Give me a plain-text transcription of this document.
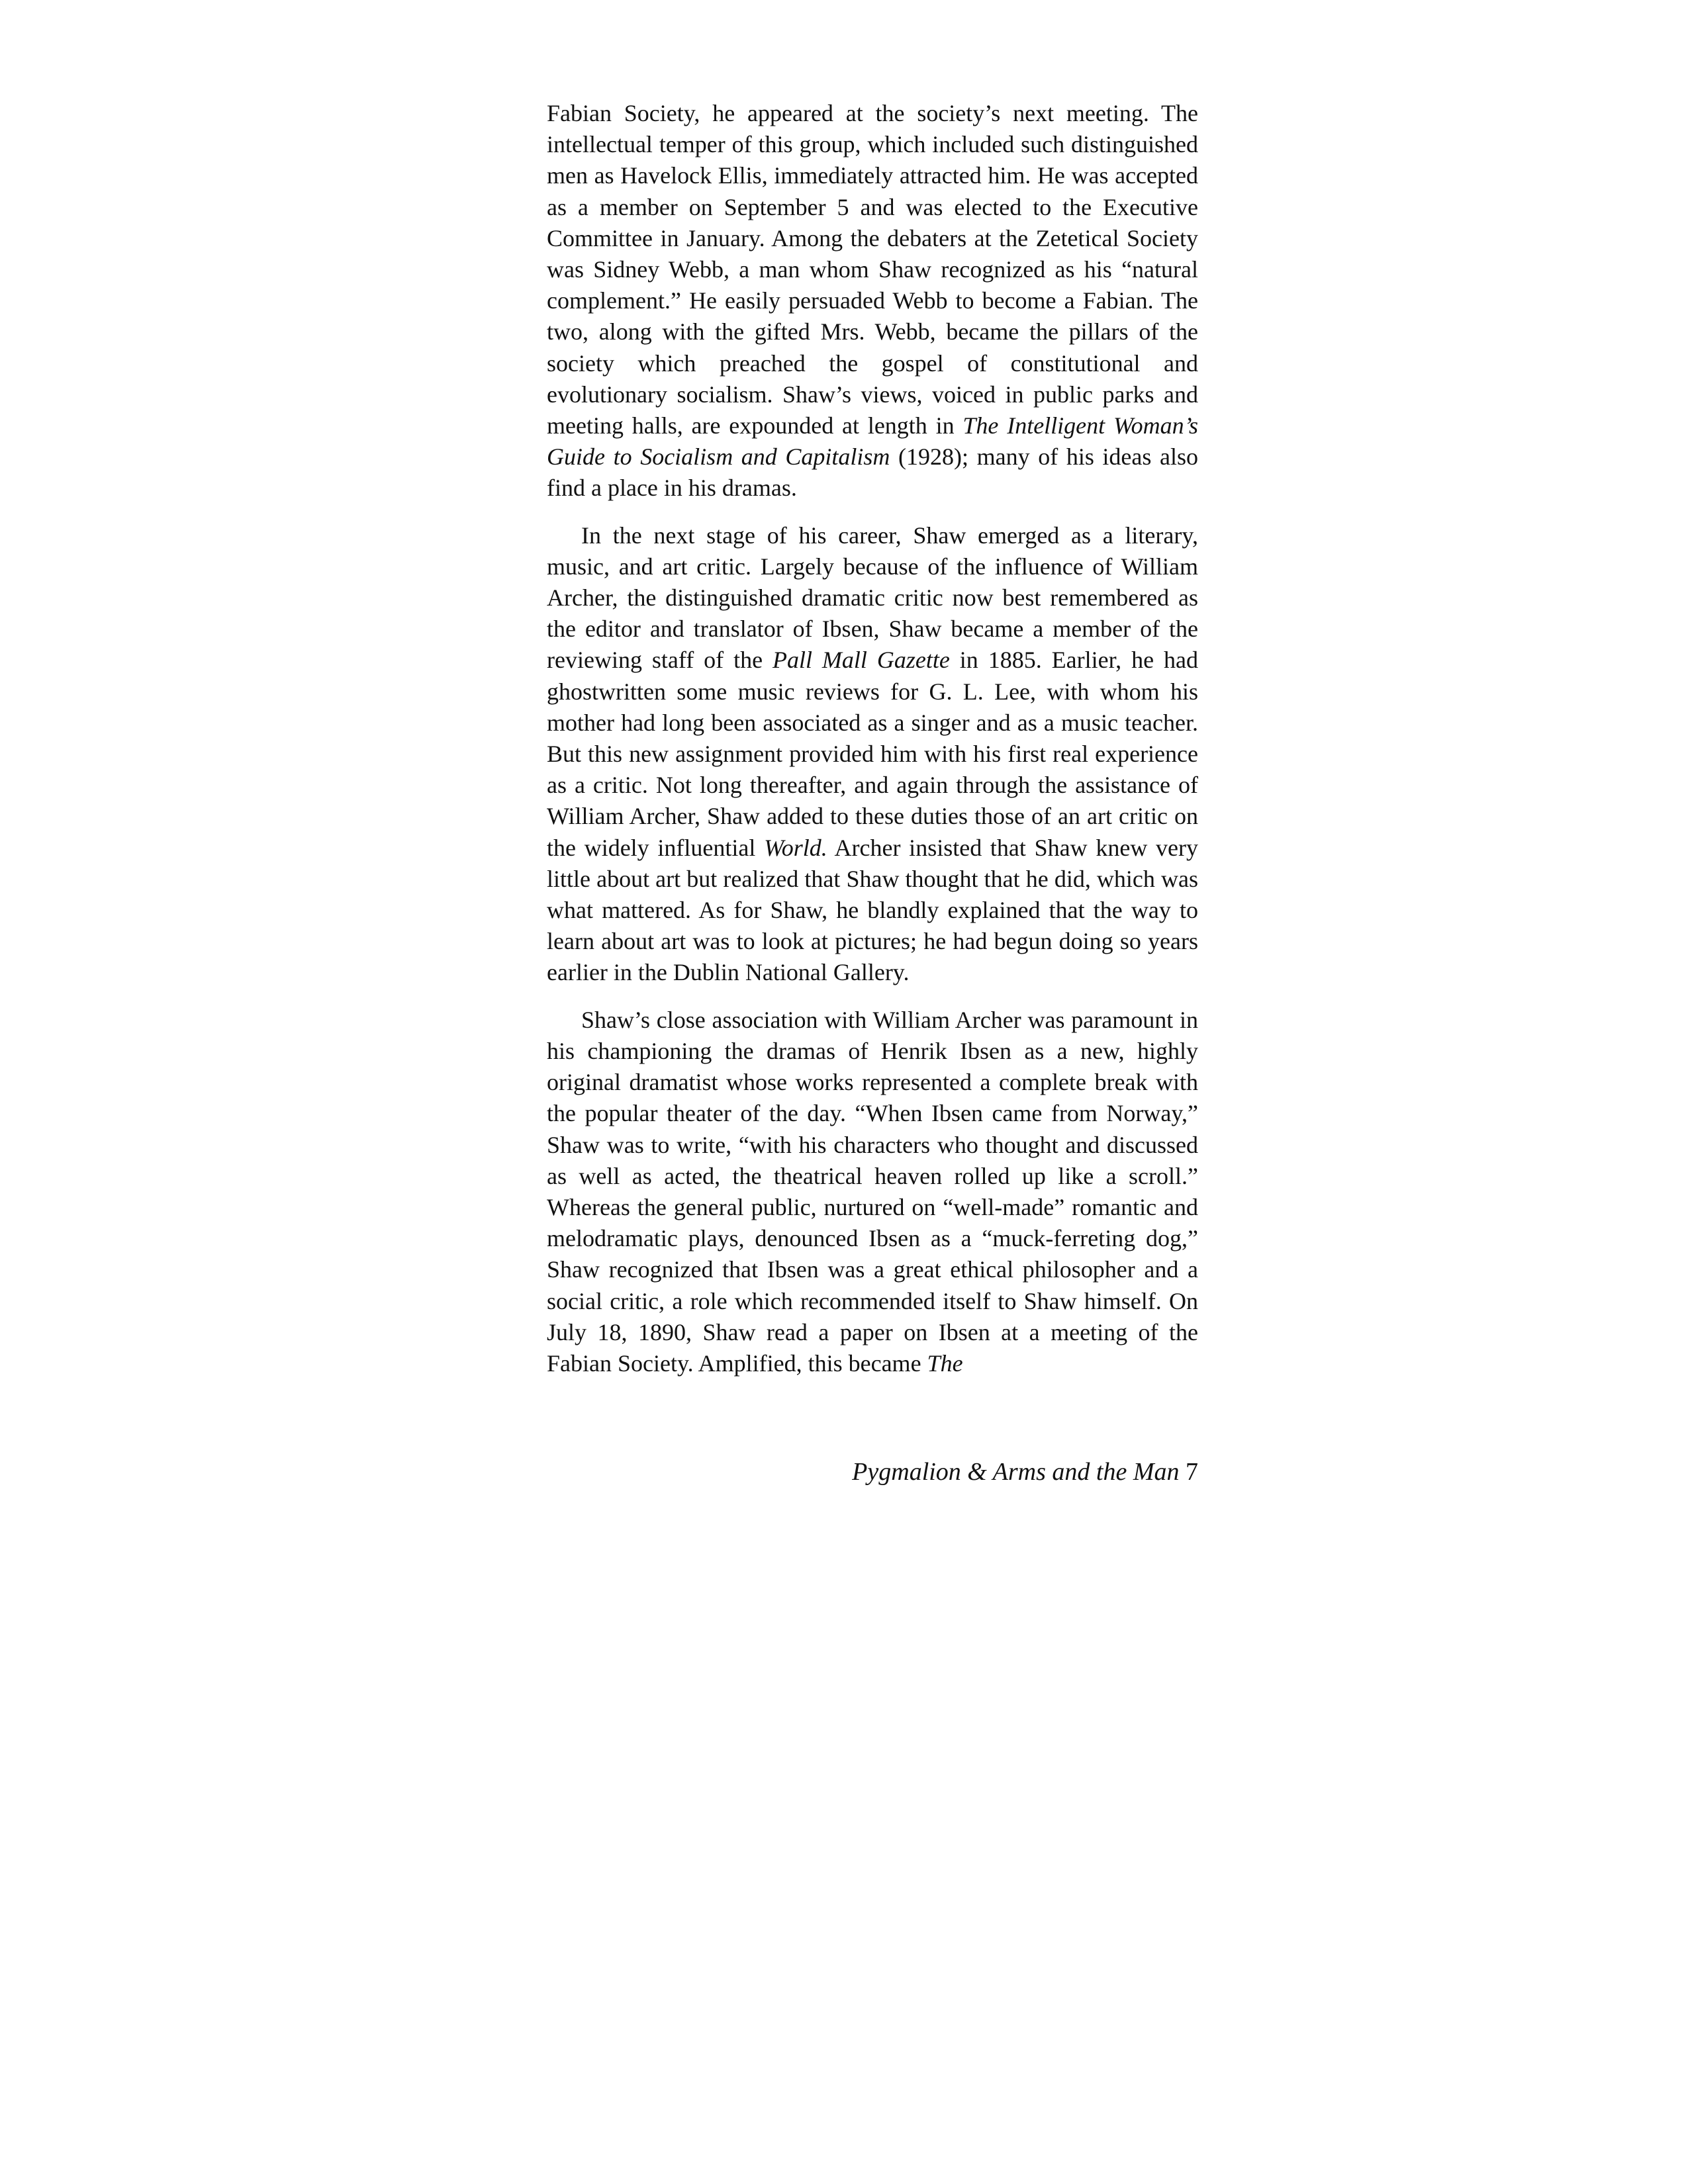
Fabian Society, he appeared at the society’s next meeting. The intellectual temper of this group, which included such distinguished men as Havelock Ellis, immediately attracted him. He was accepted as a member on September 5 and was elected to the Executive Committee in January. Among the debaters at the Zetetical Society was Sidney Webb, a man whom Shaw recognized as his “natural complement.” He easily persuaded Webb to become a Fabian. The two, along with the gifted Mrs. Webb, became the pillars of the society which preached the gospel of constitutional and evolutionary socialism. Shaw’s views, voiced in public parks and meeting halls, are expounded at length in The Intelligent Woman’s Guide to Socialism and Capitalism (1928); many of his ideas also find a place in his dramas.

In the next stage of his career, Shaw emerged as a literary, music, and art critic. Largely because of the influence of William Archer, the distinguished dramatic critic now best remembered as the editor and translator of Ibsen, Shaw became a member of the reviewing staff of the Pall Mall Gazette in 1885. Earlier, he had ghostwritten some music reviews for G. L. Lee, with whom his mother had long been associated as a singer and as a music teacher. But this new assignment provided him with his first real experience as a critic. Not long thereafter, and again through the assistance of William Archer, Shaw added to these duties those of an art critic on the widely influential World. Archer insisted that Shaw knew very little about art but realized that Shaw thought that he did, which was what mattered. As for Shaw, he blandly explained that the way to learn about art was to look at pictures; he had begun doing so years earlier in the Dublin National Gallery.

Shaw’s close association with William Archer was paramount in his championing the dramas of Henrik Ibsen as a new, highly original dramatist whose works represented a complete break with the popular theater of the day. “When Ibsen came from Norway,” Shaw was to write, “with his characters who thought and discussed as well as acted, the theatrical heaven rolled up like a scroll.” Whereas the general public, nurtured on “well-made” romantic and melodramatic plays, denounced Ibsen as a “muck-ferreting dog,” Shaw recognized that Ibsen was a great ethical philosopher and a social critic, a role which recommended itself to Shaw himself. On July 18, 1890, Shaw read a paper on Ibsen at a meeting of the Fabian Society. Amplified, this became The

Pygmalion & Arms and the Man 7
